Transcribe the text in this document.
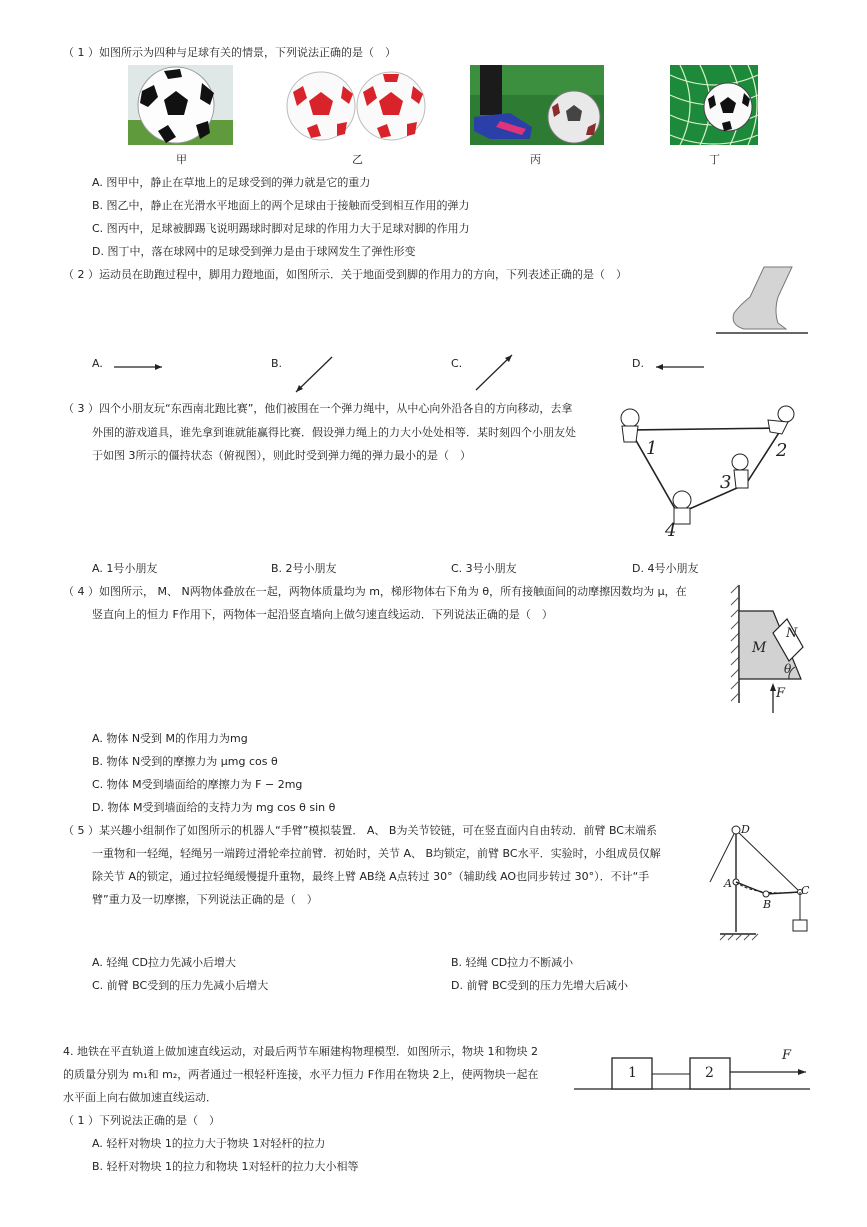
（ 1 ）如图所示为四种与足球有关的情景，下列说法正确的是（　）
甲	乙	丙	丁
A. 图甲中，静止在草地上的足球受到的弹力就是它的重力
B. 图乙中，静止在光滑水平地面上的两个足球由于接触而受到相互作用的弹力
C. 图丙中，足球被脚踢飞说明踢球时脚对足球的作用力大于足球对脚的作用力
D. 图丁中，落在球网中的足球受到弹力是由于球网发生了弹性形变
（ 2 ）运动员在助跑过程中，脚用力蹬地面，如图所示．关于地面受到脚的作用力的方向，下列表述正确的是（　）
A.	B.	C.	D.
（ 3 ）四个小朋友玩“东西南北跑比赛”，他们被围在一个弹力绳中，从中心向外沿各自的方向移动，去拿
外围的游戏道具，谁先拿到谁就能赢得比赛．假设弹力绳上的力大小处处相等．某时刻四个小朋友处
于如图 3所示的僵持状态（俯视图），则此时受到弹力绳的弹力最小的是（　）	1	2
3
4
A. 1号小朋友	B. 2号小朋友	C. 3号小朋友	D. 4号小朋友
（ 4 ）如图所示， M、 N两物体叠放在一起，两物体质量均为 m，梯形物体右下角为 θ，所有接触面间的动摩擦因数均为 μ，在
竖直向上的恒力 F作用下，两物体一起沿竖直墙向上做匀速直线运动．下列说法正确的是（　）
M
N
θ
F
A. 物体 N受到 M的作用力为mg
B. 物体 N受到的摩擦力为 μmg cos θ
C. 物体 M受到墙面给的摩擦力为 F − 2mg
D. 物体 M受到墙面给的支持力为 mg cos θ sin θ
（ 5 ）某兴趣小组制作了如图所示的机器人“手臂”模拟装置． A、 B为关节铰链，可在竖直面内自由转动．前臂 BC末端系
一重物和一轻绳，轻绳另一端跨过滑轮牵拉前臂．初始时，关节 A、 B均锁定，前臂 BC水平．实验时，小组成员仅解
除关节 A的锁定，通过拉轻绳缓慢提升重物，最终上臂 AB绕 A点转过 30°（辅助线 AO也同步转过 30°）．不计“手
臂”重力及一切摩擦，下列说法正确的是（　）
D
A
B
C
A. 轻绳 CD拉力先减小后增大	B. 轻绳 CD拉力不断减小
C. 前臂 BC受到的压力先减小后增大	D. 前臂 BC受到的压力先增大后减小
4. 地铁在平直轨道上做加速直线运动，对最后两节车厢建构物理模型．如图所示，物块 1和物块 2
的质量分别为 m₁和 m₂，两者通过一根轻杆连接，水平力恒力 F作用在物块 2上，使两物块一起在
水平面上向右做加速直线运动．
1	2
F
（ 1 ）下列说法正确的是（　）
A. 轻杆对物块 1的拉力大于物块 1对轻杆的拉力
B. 轻杆对物块 1的拉力和物块 1对轻杆的拉力大小相等
